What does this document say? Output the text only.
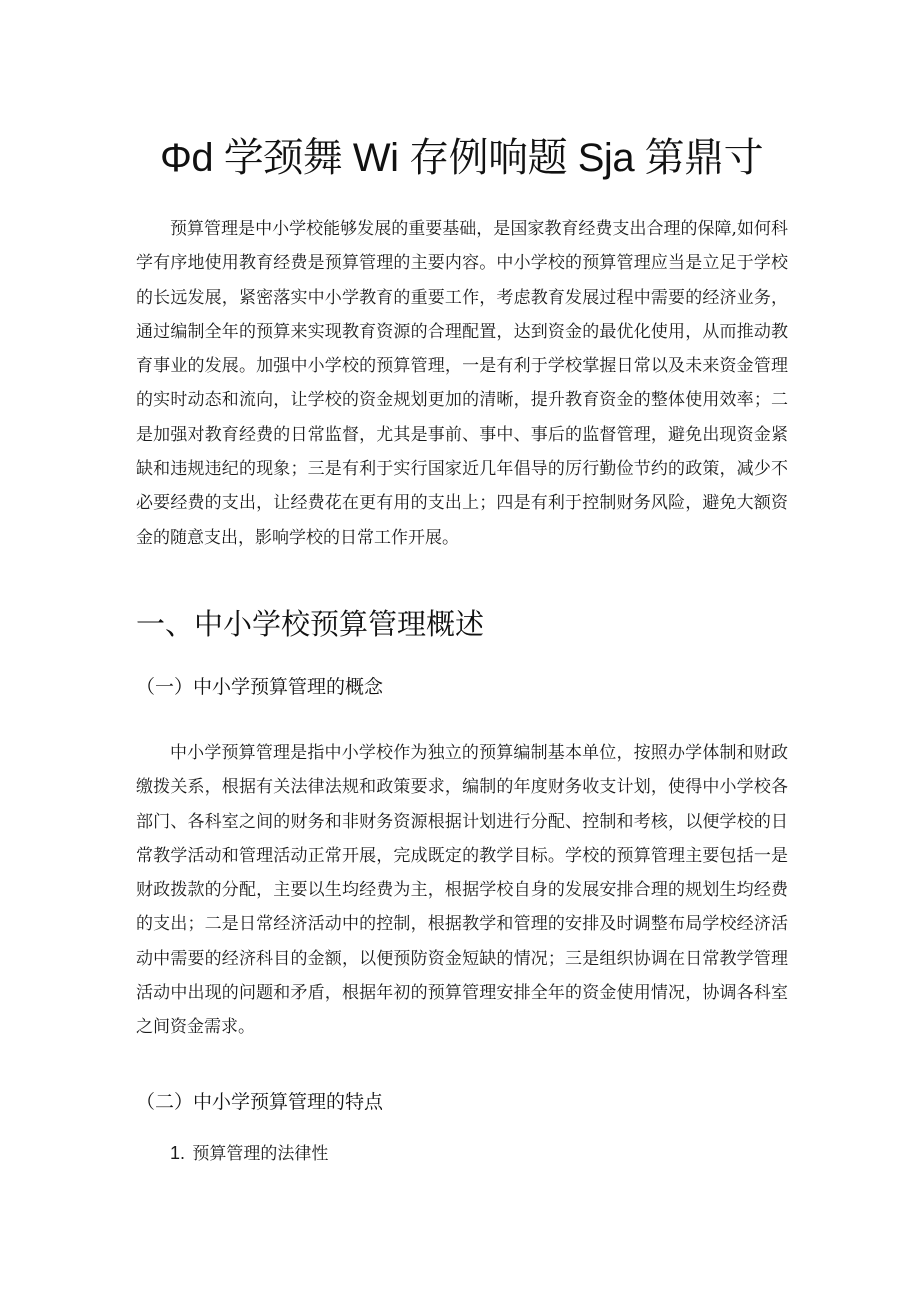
Φd 学颈舞 Wi 存例响题 Sja 第鼎寸

预算管理是中小学校能够发展的重要基础，是国家教育经费支出合理的保障,如何科学有序地使用教育经费是预算管理的主要内容。中小学校的预算管理应当是立足于学校的长远发展，紧密落实中小学教育的重要工作，考虑教育发展过程中需要的经济业务，通过编制全年的预算来实现教育资源的合理配置，达到资金的最优化使用，从而推动教育事业的发展。加强中小学校的预算管理，一是有利于学校掌握日常以及未来资金管理的实时动态和流向，让学校的资金规划更加的清晰，提升教育资金的整体使用效率；二是加强对教育经费的日常监督，尤其是事前、事中、事后的监督管理，避免出现资金紧缺和违规违纪的现象；三是有利于实行国家近几年倡导的厉行勤俭节约的政策，减少不必要经费的支出，让经费花在更有用的支出上；四是有利于控制财务风险，避免大额资金的随意支出，影响学校的日常工作开展。

一、中小学校预算管理概述
（一）中小学预算管理的概念

中小学预算管理是指中小学校作为独立的预算编制基本单位，按照办学体制和财政缴拨关系，根据有关法律法规和政策要求，编制的年度财务收支计划，使得中小学校各部门、各科室之间的财务和非财务资源根据计划进行分配、控制和考核，以便学校的日常教学活动和管理活动正常开展，完成既定的教学目标。学校的预算管理主要包括一是财政拨款的分配，主要以生均经费为主，根据学校自身的发展安排合理的规划生均经费的支出；二是日常经济活动中的控制，根据教学和管理的安排及时调整布局学校经济活动中需要的经济科目的金额，以便预防资金短缺的情况；三是组织协调在日常教学管理活动中出现的问题和矛盾，根据年初的预算管理安排全年的资金使用情况，协调各科室之间资金需求。

（二）中小学预算管理的特点
1. 预算管理的法律性
